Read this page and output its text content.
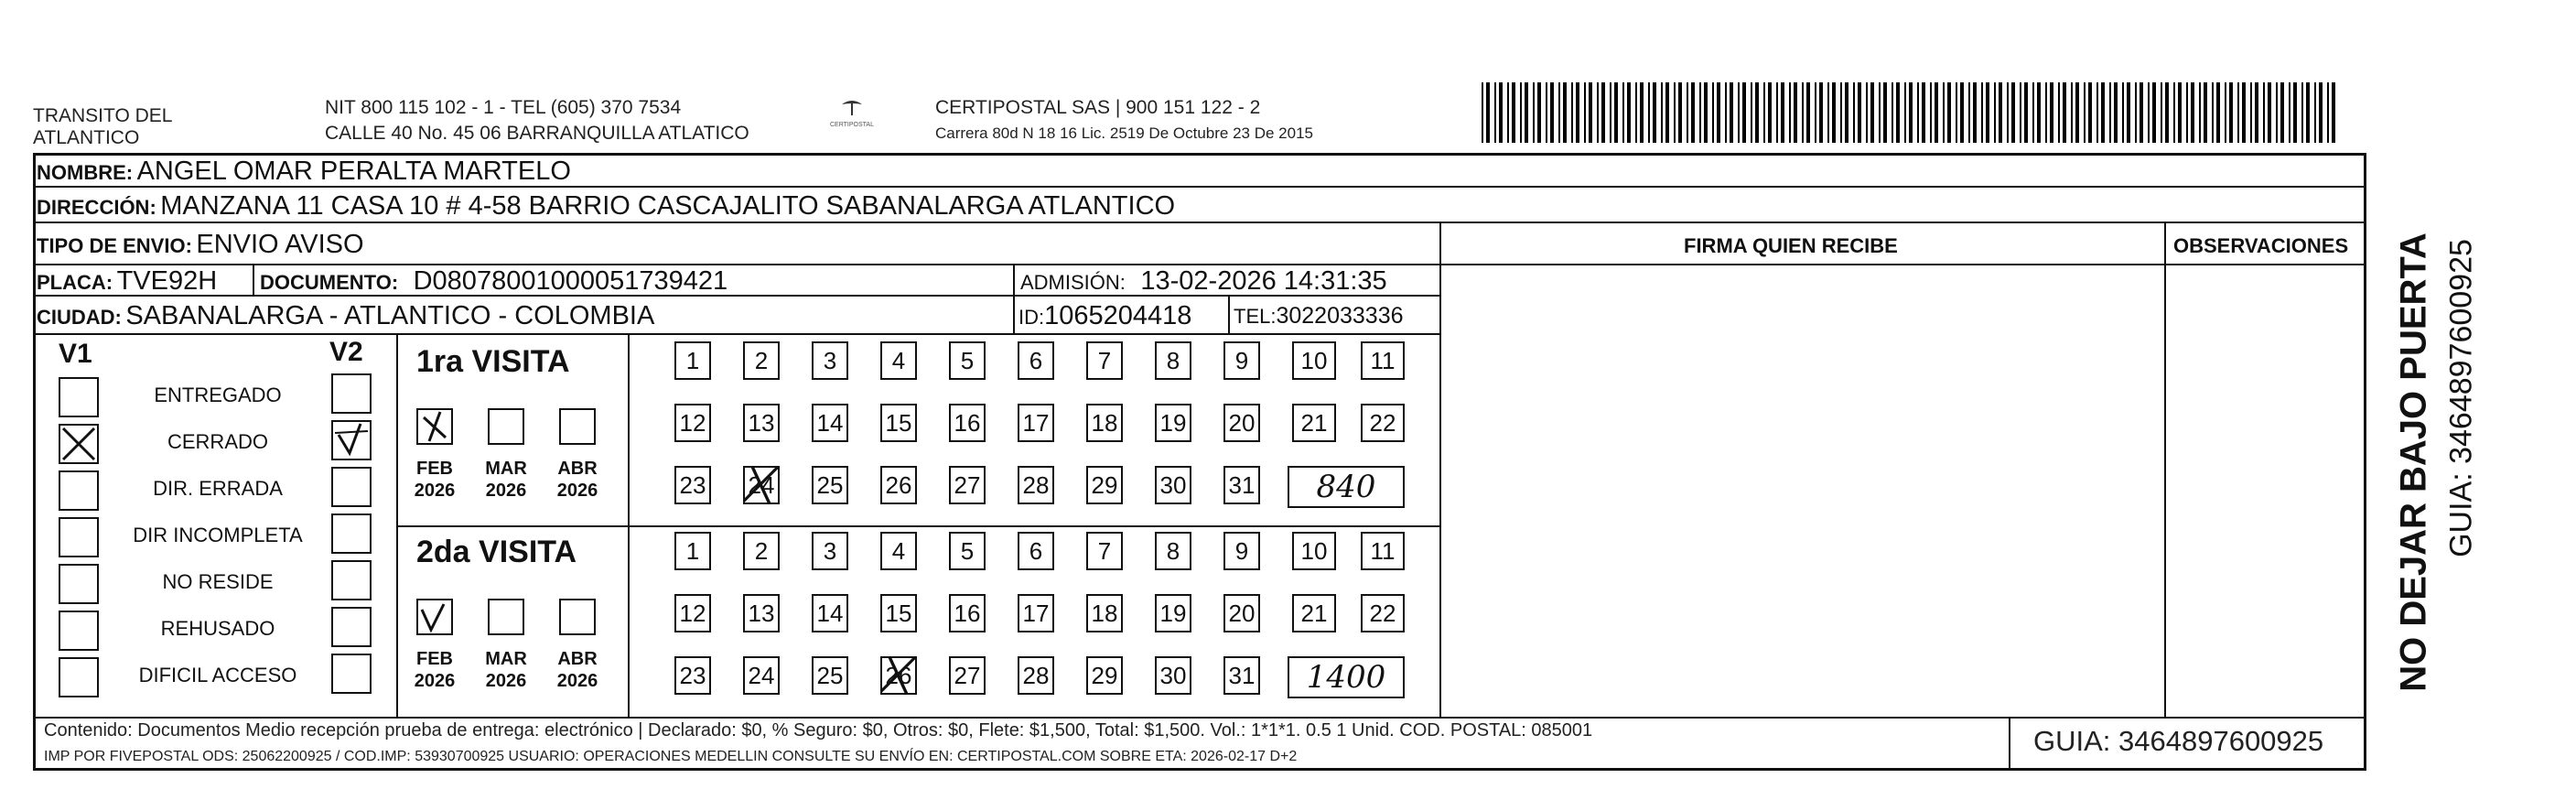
TRANSITO DEL
ATLANTICO
NIT 800 115 102 - 1 - TEL (605) 370 7534
CALLE 40 No. 45 06 BARRANQUILLA ATLATICO	CERTIPOSTAL
CERTIPOSTAL SAS | 900 151 122 - 2
Carrera 80d N 18 16 Lic. 2519 De Octubre 23 De 2015
NOMBRE: ANGEL OMAR PERALTA MARTELO
DIRECCIÓN: MANZANA 11 CASA 10 # 4-58 BARRIO CASCAJALITO SABANALARGA ATLANTICO
TIPO DE ENVIO: ENVIO AVISO	FIRMA QUIEN RECIBE	OBSERVACIONES
PLACA: TVE92H DOCUMENTO: D08078001000051739421	ADMISIÓN: 13-02-2026 14:31:35
CIUDAD: SABANALARGA - ATLANTICO - COLOMBIA	ID:1065204418 TEL:3022033336
V1	V2
ENTREGADO
CERRADO
DIR. ERRADA
DIR INCOMPLETA
NO RESIDE
REHUSADO
DIFICIL ACCESO
1ra VISITA
FEB
2026
MAR
2026
ABR
2026
2da VISITA
FEB
2026
MAR
2026
ABR
2026
1	2	3	4	5	6	7	8	9	10	11
12 13 14 15 16 17 18 19 20	21	22
23 24 25 26 27 28 29 30 31
1	2	3	4	5	6	7	8	9	10	11
12 13 14 15 16 17 18 19 20	21	22
23 24 25 26 27 28 29 30 31
840
1400
Contenido: Documentos Medio recepción prueba de entrega: electrónico | Declarado: $0, % Seguro: $0, Otros: $0, Flete: $1,500, Total: $1,500. Vol.: 1*1*1. 0.5 1 Unid. COD. POSTAL: 085001
IMP POR FIVEPOSTAL ODS: 25062200925 / COD.IMP: 53930700925 USUARIO: OPERACIONES MEDELLIN CONSULTE SU ENVÍO EN: CERTIPOSTAL.COM SOBRE ETA: 2026-02-17 D+2	GUIA: 3464897600925
NO DEJAR BAJO PUERTA GUIA: 3464897600925
